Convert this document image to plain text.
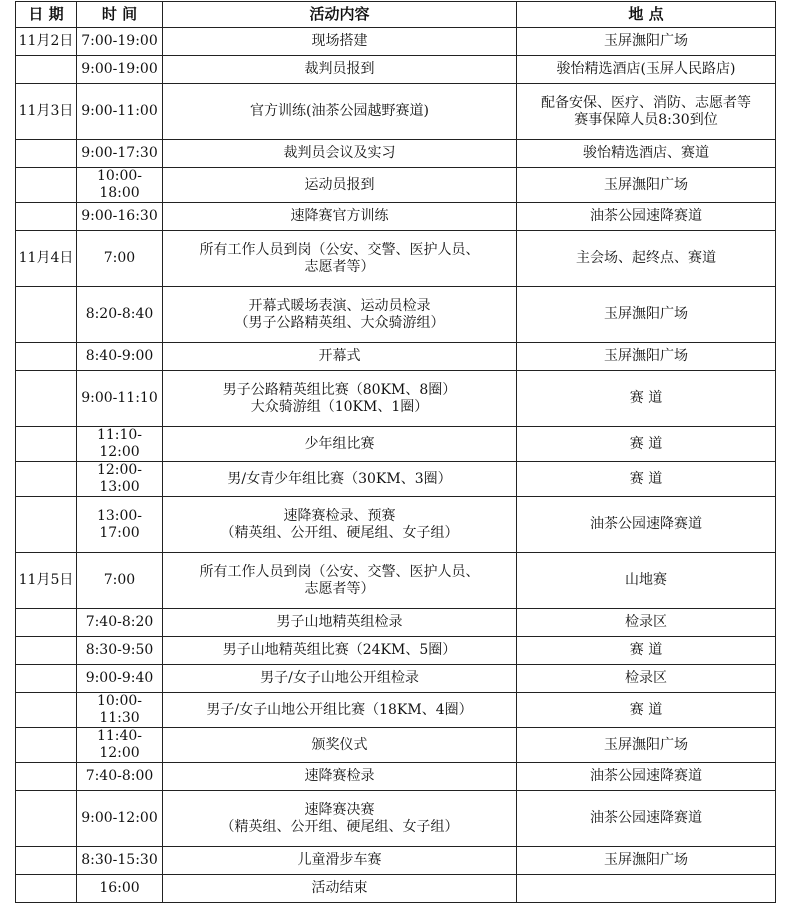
日 期	时 间	活动内容	地 点

11月2日	7:00-19:00	现场搭建	玉屏潕阳广场

	9:00-19:00	裁判员报到	骏怡精选酒店(玉屏人民路店)

11月3日	9:00-11:00	官方训练(油茶公园越野赛道)	配备安保、医疗、消防、志愿者等
赛事保障人员8:30到位

	9:00-17:30	裁判员会议及实习	骏怡精选酒店、赛道

	10:00-18:00	运动员报到	玉屏潕阳广场

	9:00-16:30	速降赛官方训练	油茶公园速降赛道

11月4日	7:00	所有工作人员到岗（公安、交警、医护人员、
志愿者等）	主会场、起终点、赛道

	8:20-8:40	开幕式暖场表演、运动员检录
（男子公路精英组、大众骑游组）	玉屏潕阳广场

	8:40-9:00	开幕式	玉屏潕阳广场

	9:00-11:10	男子公路精英组比赛（80KM、8圈）
大众骑游组（10KM、1圈）	赛 道

	11:10-12:00	少年组比赛	赛 道

	12:00-13:00	男/女青少年组比赛（30KM、3圈）	赛 道

	13:00-17:00	速降赛检录、预赛
（精英组、公开组、硬尾组、女子组）	油茶公园速降赛道

11月5日	7:00	所有工作人员到岗（公安、交警、医护人员、
志愿者等）	山地赛

	7:40-8:20	男子山地精英组检录	检录区

	8:30-9:50	男子山地精英组比赛（24KM、5圈）	赛 道

	9:00-9:40	男子/女子山地公开组检录	检录区

	10:00-11:30	男子/女子山地公开组比赛（18KM、4圈）	赛 道

	11:40-12:00	颁奖仪式	玉屏潕阳广场

	7:40-8:00	速降赛检录	油茶公园速降赛道

	9:00-12:00	速降赛决赛
（精英组、公开组、硬尾组、女子组）	油茶公园速降赛道

	8:30-15:30	儿童滑步车赛	玉屏潕阳广场

	16:00	活动结束	
